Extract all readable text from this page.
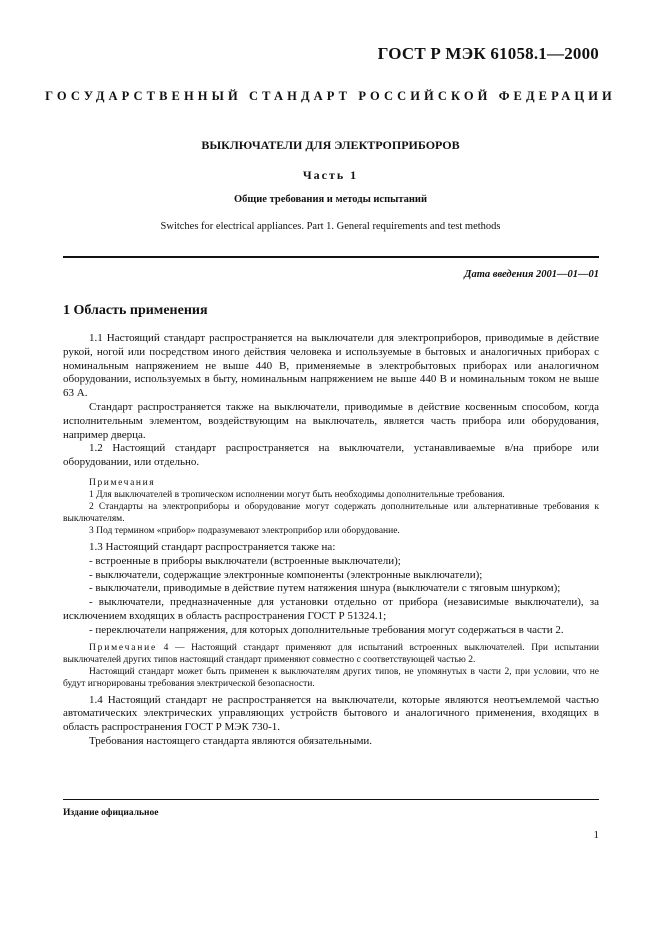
ГОСТ Р МЭК 61058.1—2000
ГОСУДАРСТВЕННЫЙ СТАНДАРТ РОССИЙСКОЙ ФЕДЕРАЦИИ
ВЫКЛЮЧАТЕЛИ ДЛЯ ЭЛЕКТРОПРИБОРОВ
Часть 1
Общие требования и методы испытаний
Switches for electrical appliances. Part 1. General requirements and test methods
Дата введения 2001—01—01
1 Область применения

1.1 Настоящий стандарт распространяется на выключатели для электроприборов, приводимые в действие рукой, ногой или посредством иного действия человека и используемые в бытовых и аналогичных приборах с номинальным напряжением не выше 440 В, применяемые в электробытовых приборах или аналогичном оборудовании, используемых в быту, номинальным напряжением не выше 440 В и номинальным током не выше 63 А.

Стандарт распространяется также на выключатели, приводимые в действие косвенным способом, когда исполнительным элементом, воздействующим на выключатель, является часть прибора или оборудования, например дверца.

1.2 Настоящий стандарт распространяется на выключатели, устанавливаемые в/на приборе или оборудовании, или отдельно.

Примечания

1 Для выключателей в тропическом исполнении могут быть необходимы дополнительные требования.

2 Стандарты на электроприборы и оборудование могут содержать дополнительные или альтернативные требования к выключателям.

3 Под термином «прибор» подразумевают электроприбор или оборудование.

1.3 Настоящий стандарт распространяется также на:

- встроенные в приборы выключатели (встроенные выключатели);

- выключатели, содержащие электронные компоненты (электронные выключатели);

- выключатели, приводимые в действие путем натяжения шнура (выключатели с тяговым шнурком);

- выключатели, предназначенные для установки отдельно от прибора (независимые выключатели), за исключением входящих в область распространения ГОСТ Р 51324.1;

- переключатели напряжения, для которых дополнительные требования могут содержаться в части 2.

Примечание 4 — Настоящий стандарт применяют для испытаний встроенных выключателей. При испытании выключателей других типов настоящий стандарт применяют совместно с соответствующей частью 2.

Настоящий стандарт может быть применен к выключателям других типов, не упомянутых в части 2, при условии, что не будут игнорированы требования электрической безопасности.

1.4 Настоящий стандарт не распространяется на выключатели, которые являются неотъемлемой частью автоматических электрических управляющих устройств бытового и аналогичного применения, входящих в область распространения ГОСТ Р МЭК 730-1.

Требования настоящего стандарта являются обязательными.

Издание официальное
1
